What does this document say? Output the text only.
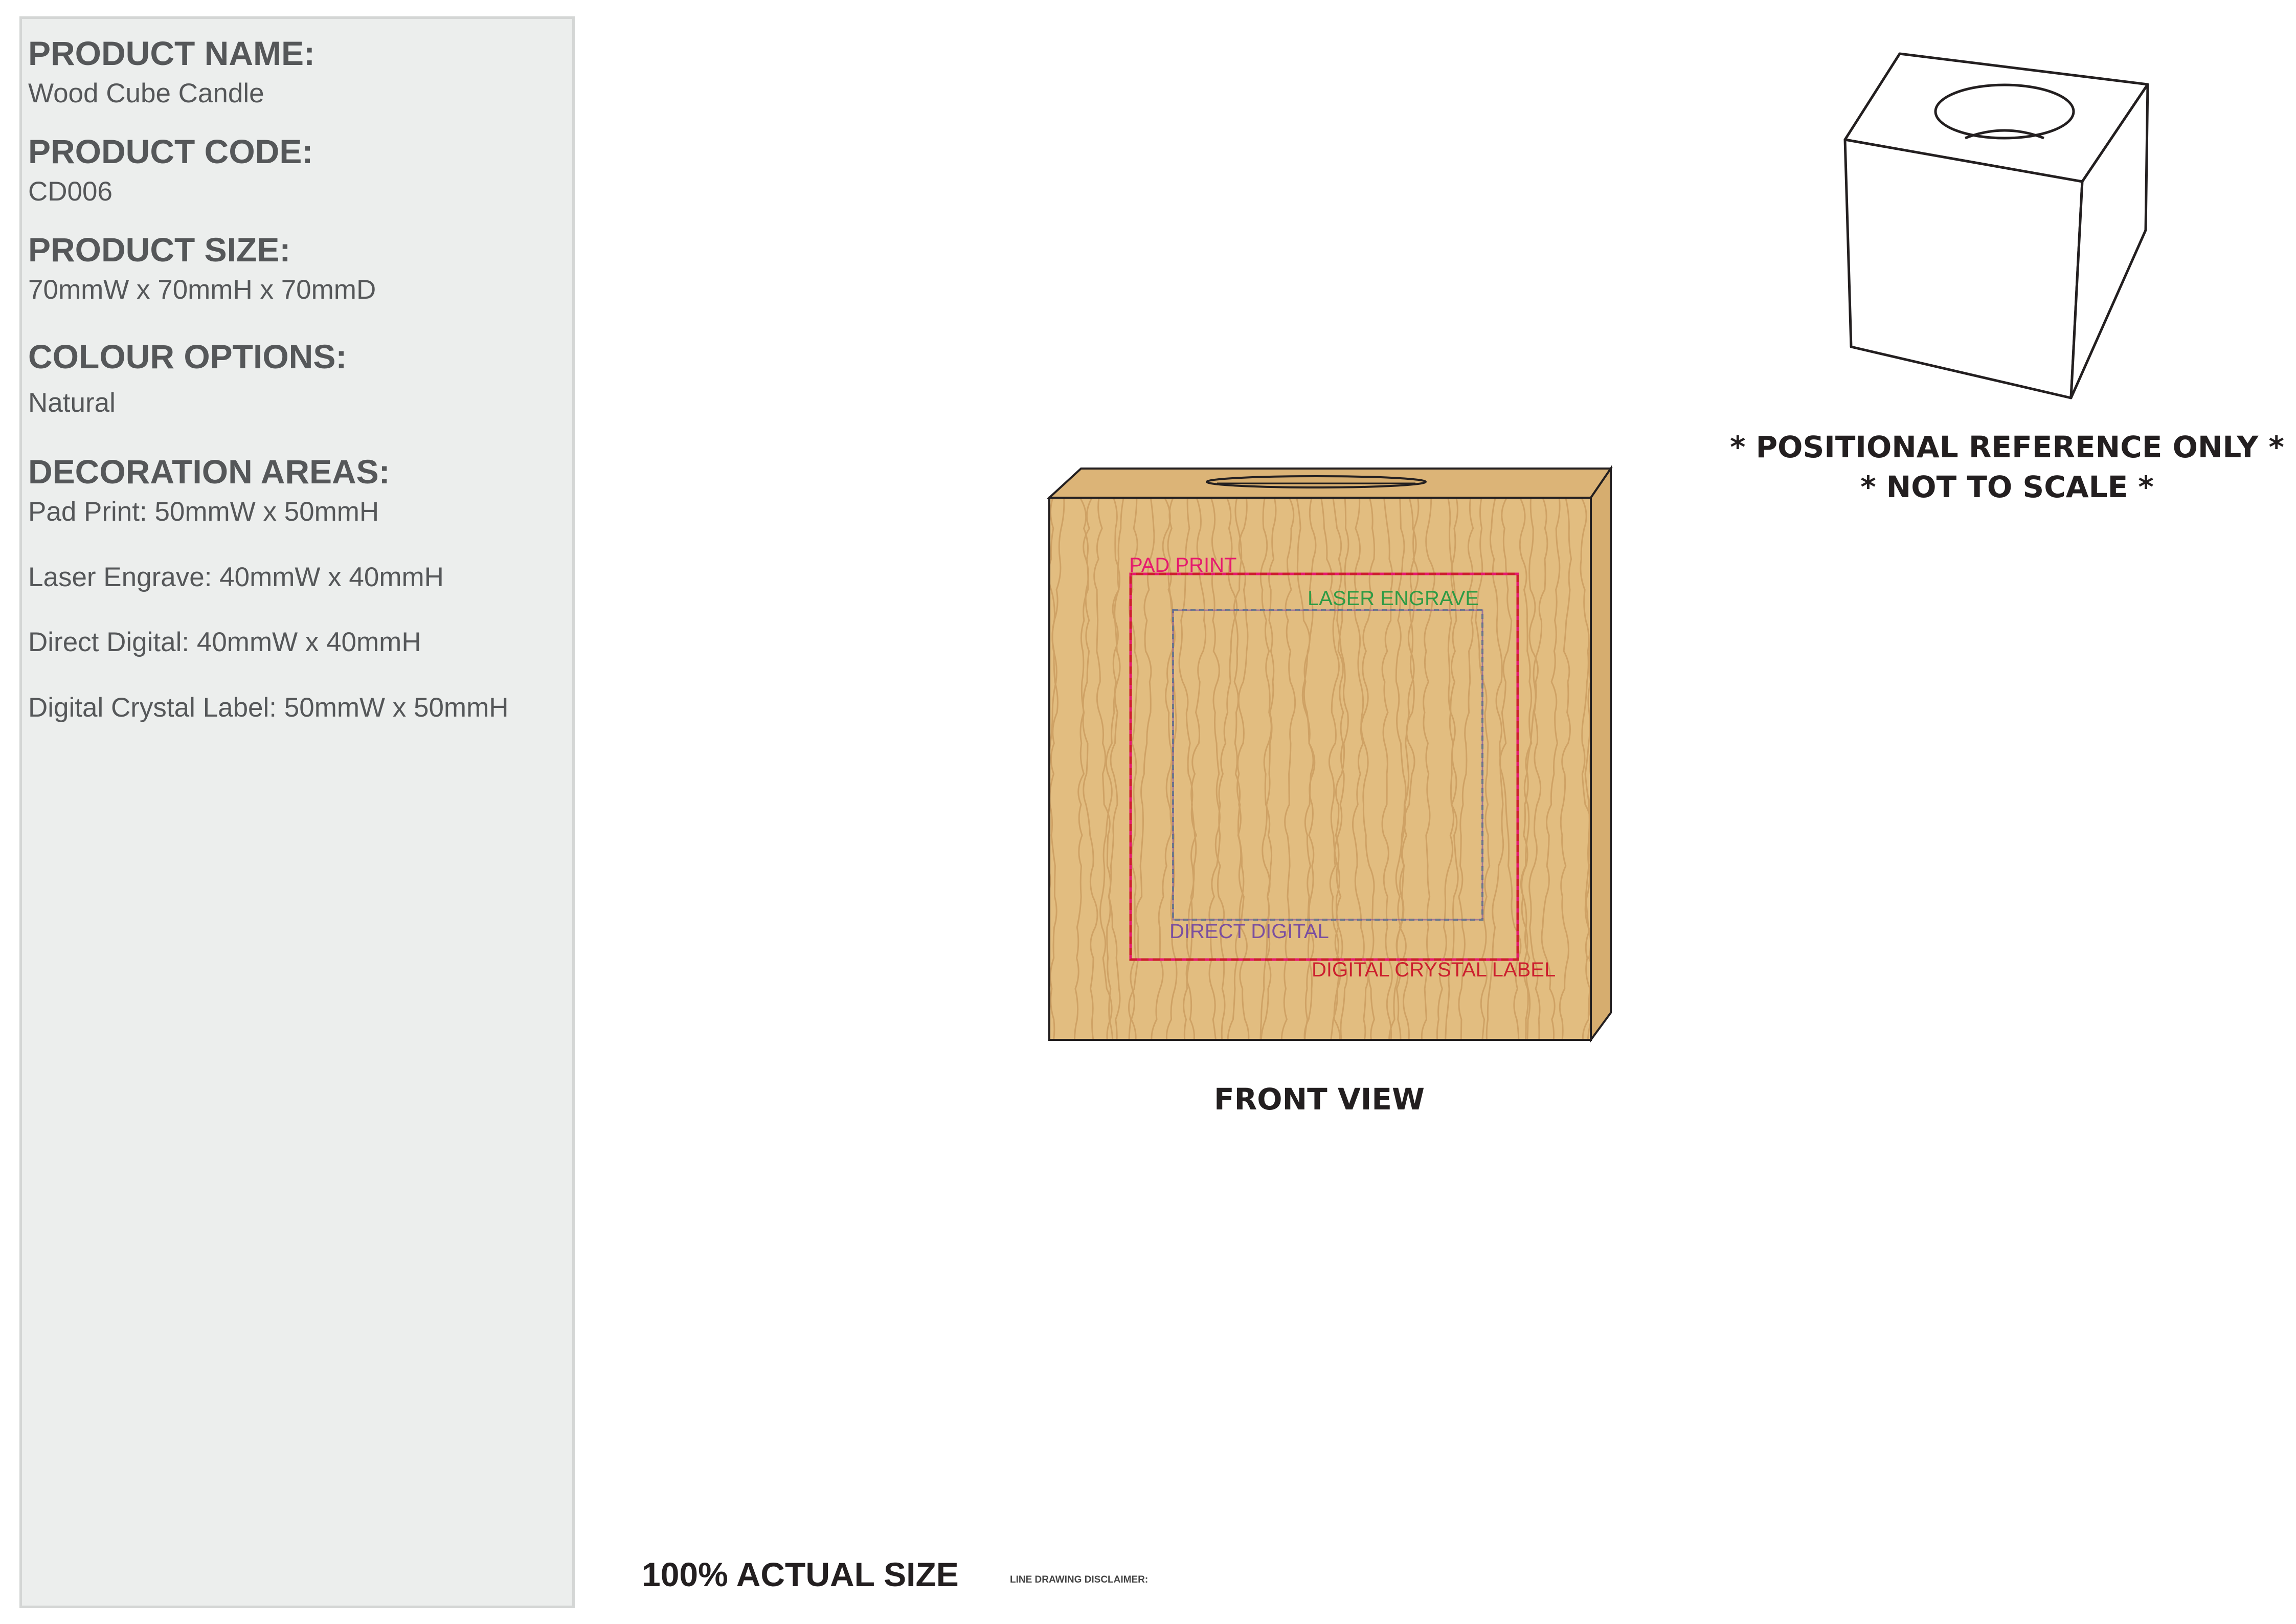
PRODUCT NAME:
Wood Cube Candle
PRODUCT CODE:
CD006
PRODUCT SIZE:
70mmW x 70mmH x 70mmD
COLOUR OPTIONS:
Natural
DECORATION AREAS:
Pad Print: 50mmW x 50mmH
Laser Engrave: 40mmW x 40mmH
Direct Digital: 40mmW x 40mmH
Digital Crystal Label: 50mmW x 50mmH
PAD PRINT
LASER ENGRAVE
DIRECT DIGITAL
DIGITAL CRYSTAL LABEL
FRONT VIEW
* POSITIONAL REFERENCE ONLY *
* NOT TO SCALE *
100% ACTUAL SIZE	LINE DRAWING DISCLAIMER:
